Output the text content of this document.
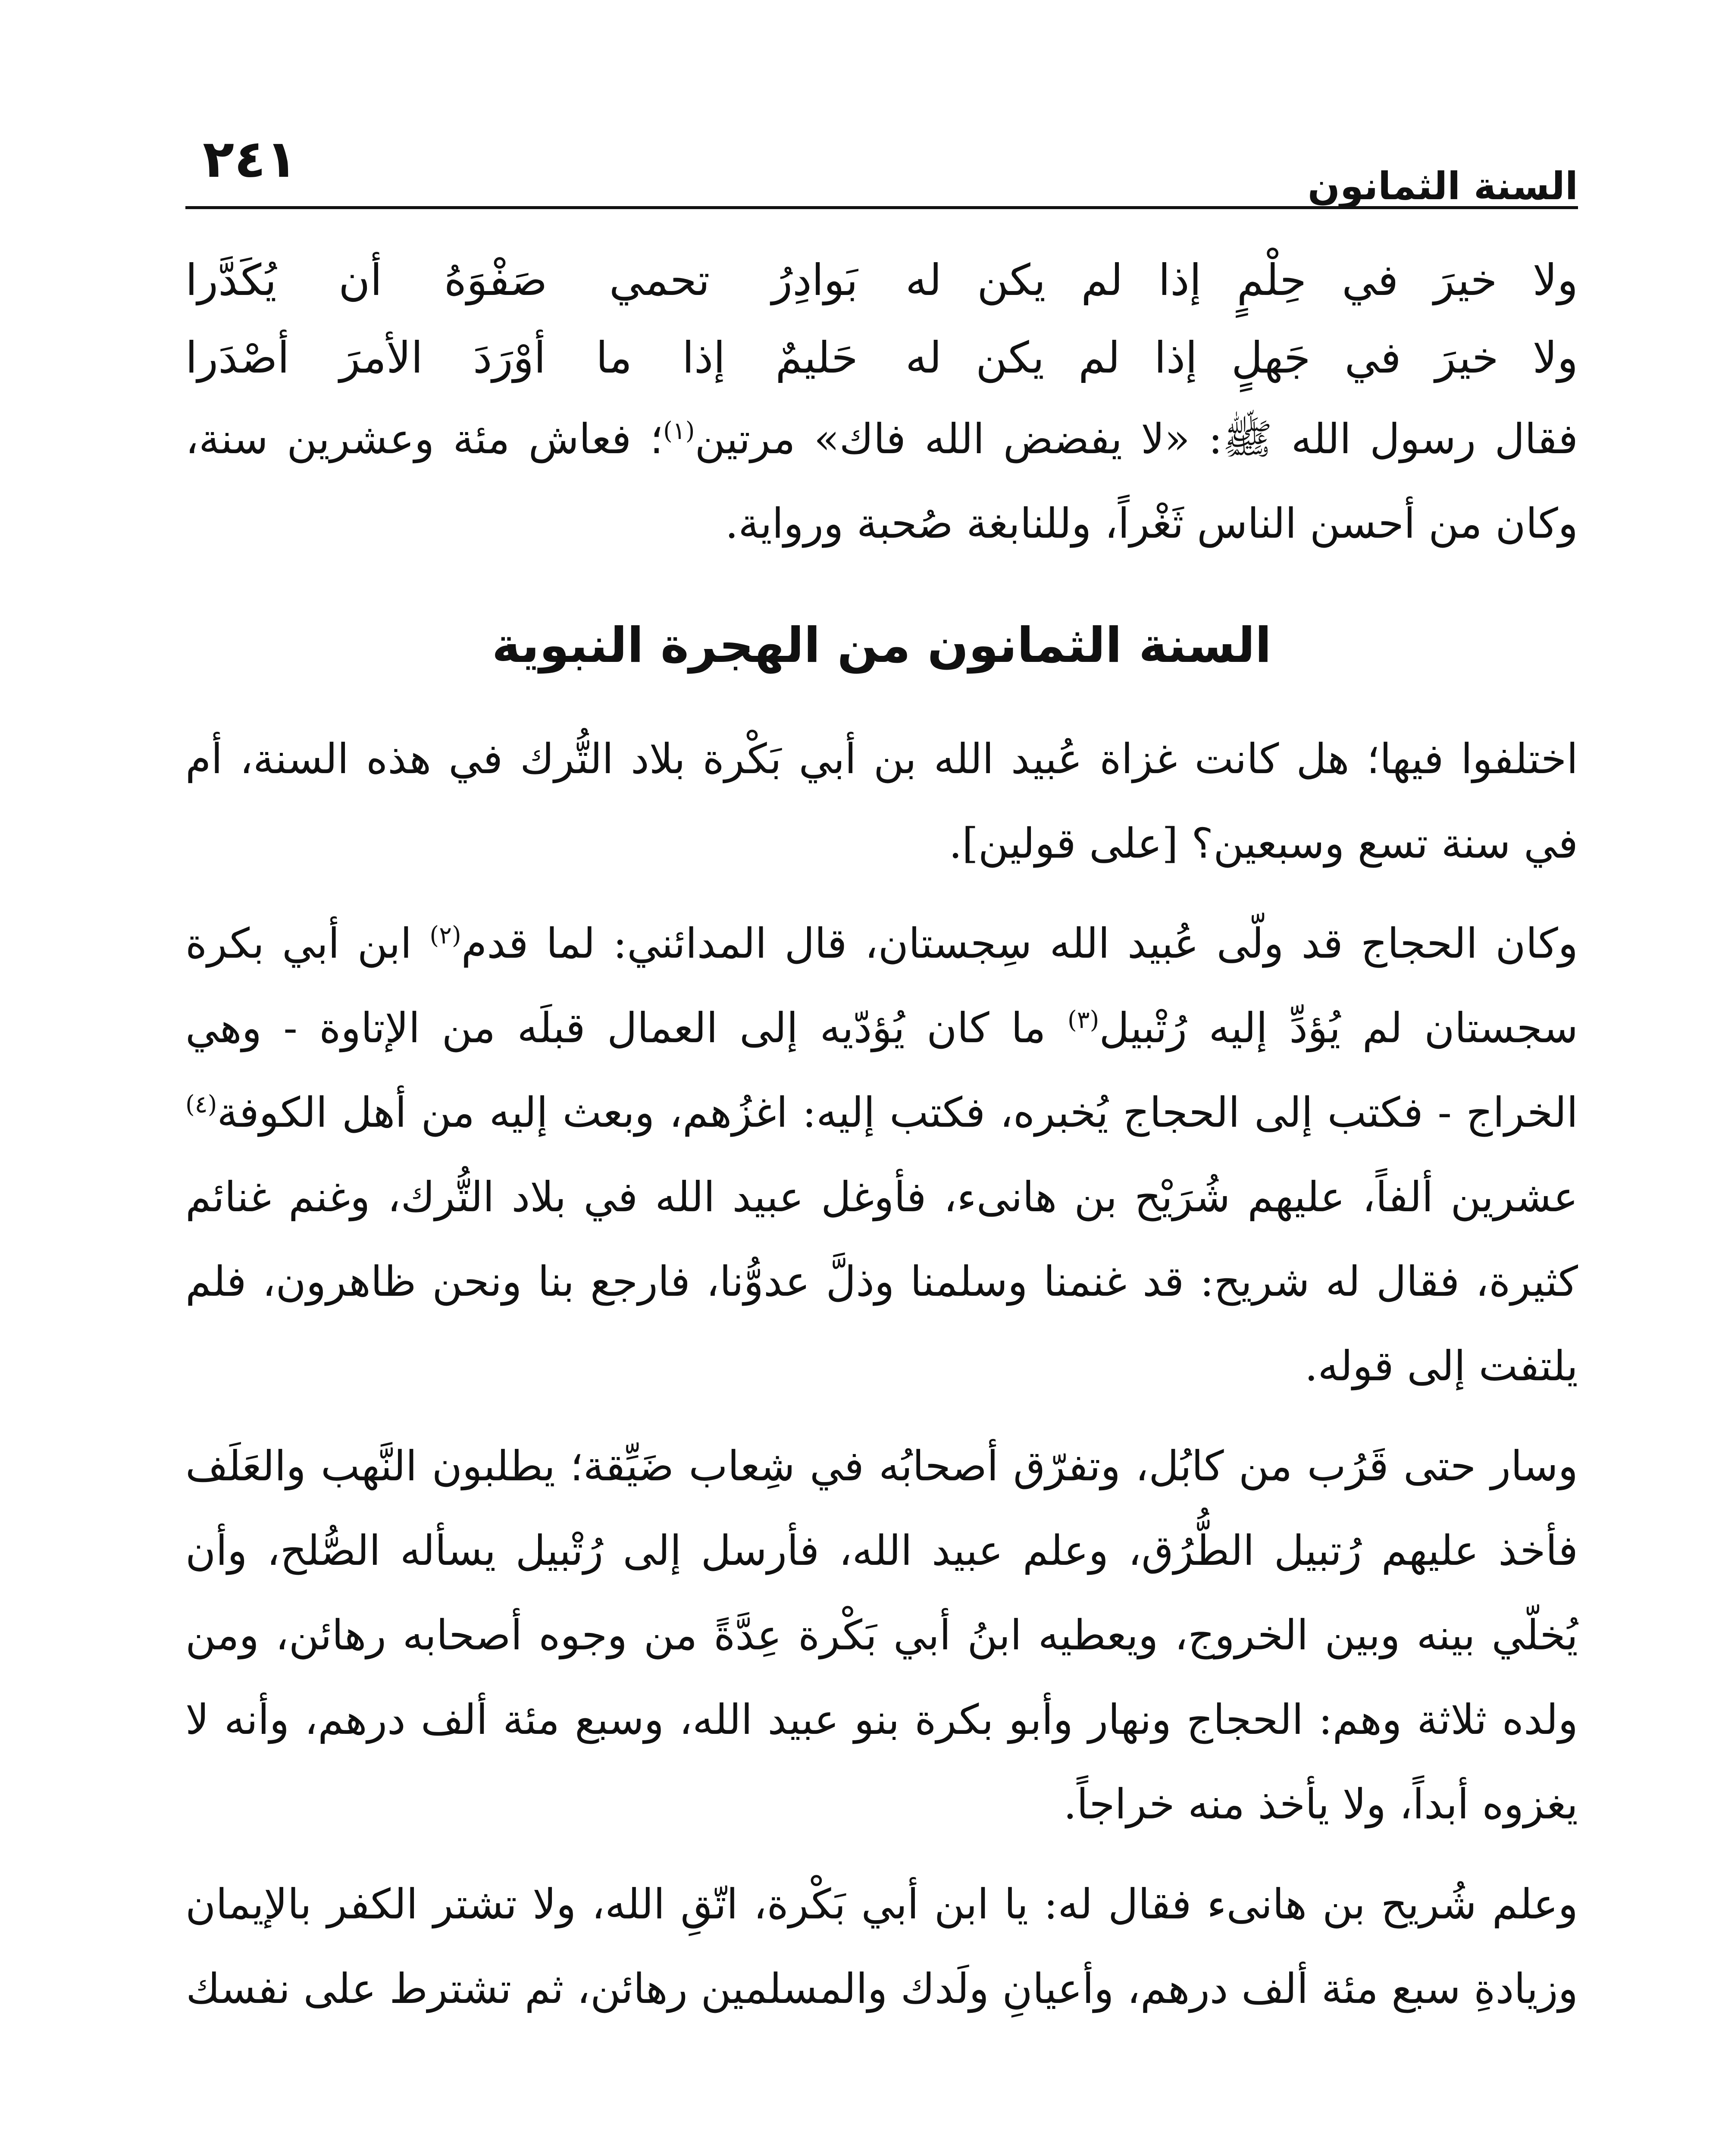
السنة الثمانون
٢٤١
ولا خيرَ في حِلْمٍ إذا لم يكن له
بَوادِرُ تحمي صَفْوَهُ أن يُكَدَّرا
ولا خيرَ في جَهلٍ إذا لم يكن له
حَليمٌ إذا ما أوْرَدَ الأمرَ أصْدَرا

فقال رسول الله ﷺ: «لا يفضض الله فاك» مرتين$^{(١)}$؛ فعاش مئة وعشرين سنة، وكان من أحسن الناس ثَغْراً، وللنابغة صُحبة ورواية.

السنة الثمانون من الهجرة النبوية

اختلفوا فيها؛ هل كانت غزاة عُبيد الله بن أبي بَكْرة بلاد التُّرك في هذه السنة، أم في سنة تسع وسبعين؟ [على قولين].

وكان الحجاج قد ولّى عُبيد الله سِجستان، قال المدائني: لما قدم$^{(٢)}$ ابن أبي بكرة سجستان لم يُؤدِّ إليه رُتْبيل$^{(٣)}$ ما كان يُؤدّيه إلى العمال قبلَه من الإتاوة - وهي الخراج - فكتب إلى الحجاج يُخبره، فكتب إليه: اغزُهم، وبعث إليه من أهل الكوفة$^{(٤)}$ عشرين ألفاً، عليهم شُرَيْح بن هانىء، فأوغل عبيد الله في بلاد التُّرك، وغنم غنائم كثيرة، فقال له شريح: قد غنمنا وسلمنا وذلَّ عدوُّنا، فارجع بنا ونحن ظاهرون، فلم يلتفت إلى قوله.

وسار حتى قَرُب من كابُل، وتفرّق أصحابُه في شِعاب ضَيِّقة؛ يطلبون النَّهب والعَلَف فأخذ عليهم رُتبيل الطُّرُق، وعلم عبيد الله، فأرسل إلى رُتْبيل يسأله الصُّلح، وأن يُخلّي بينه وبين الخروج، ويعطيه ابنُ أبي بَكْرة عِدَّةً من وجوه أصحابه رهائن، ومن ولده ثلاثة وهم: الحجاج ونهار وأبو بكرة بنو عبيد الله، وسبع مئة ألف درهم، وأنه لا يغزوه أبداً، ولا يأخذ منه خراجاً.

وعلم شُريح بن هانىء فقال له: يا ابن أبي بَكْرة، اتّقِ الله، ولا تشتر الكفر بالإيمان وزيادةِ سبع مئة ألف درهم، وأعيانِ ولَدك والمسلمين رهائن، ثم تشترط على نفسك
